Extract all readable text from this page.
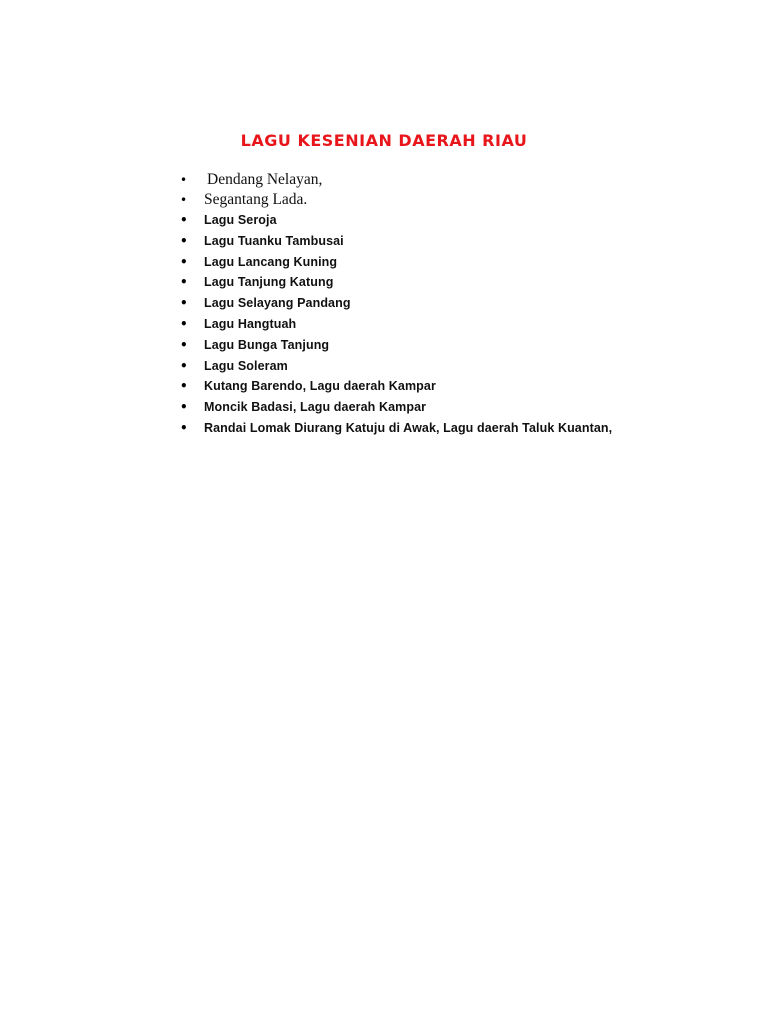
LAGU KESENIAN DAERAH RIAU
• Dendang Nelayan,
• Segantang Lada.
• Lagu Seroja
• Lagu Tuanku Tambusai
• Lagu Lancang Kuning
• Lagu Tanjung Katung
• Lagu Selayang Pandang
• Lagu Hangtuah
• Lagu Bunga Tanjung
• Lagu Soleram
• Kutang Barendo, Lagu daerah Kampar
• Moncik Badasi, Lagu daerah Kampar
• Randai Lomak Diurang Katuju di Awak, Lagu daerah Taluk Kuantan,
